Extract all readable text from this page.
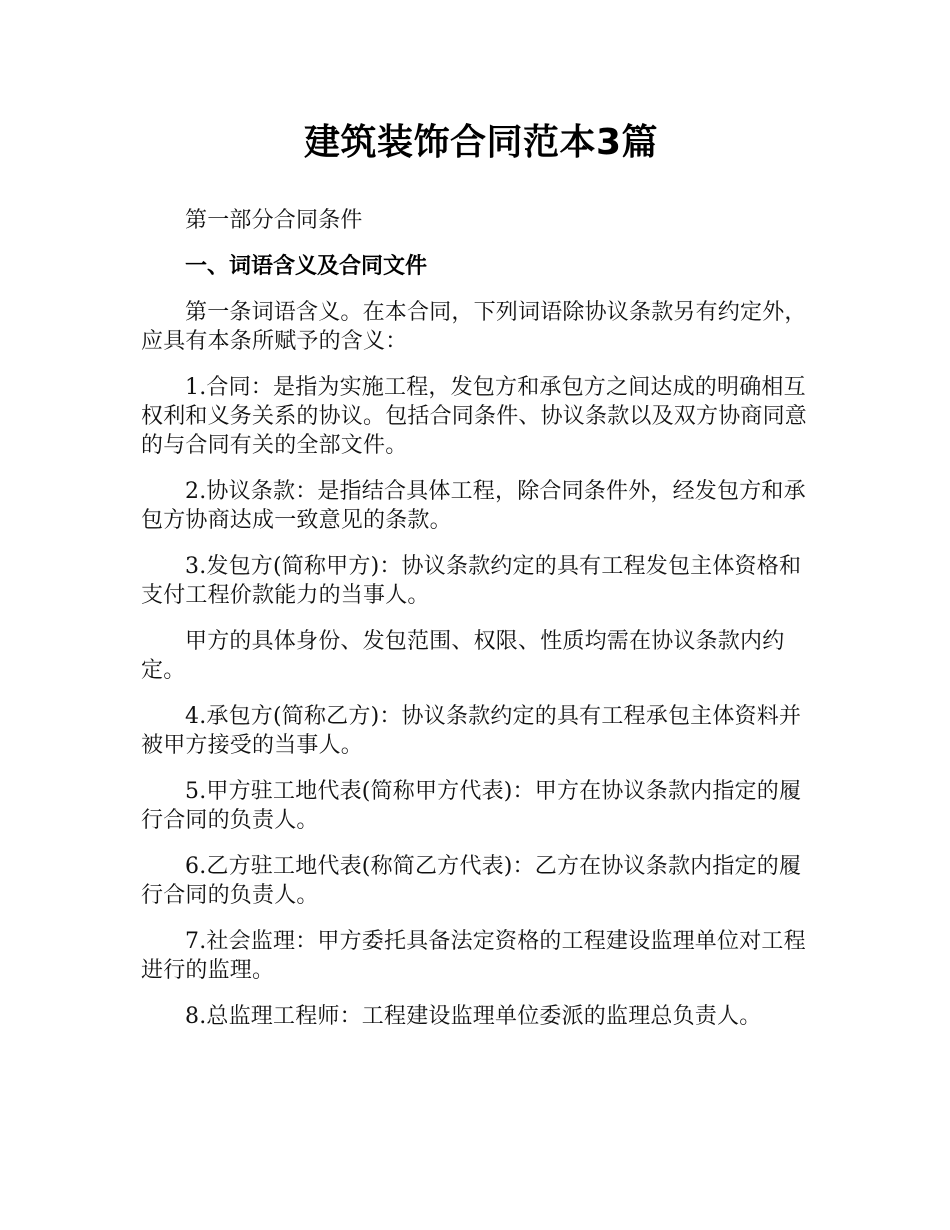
建筑装饰合同范本3篇

第一部分合同条件

一、词语含义及合同文件

第一条词语含义。在本合同，下列词语除协议条款另有约定外，应具有本条所赋予的含义：

1.合同：是指为实施工程，发包方和承包方之间达成的明确相互权利和义务关系的协议。包括合同条件、协议条款以及双方协商同意的与合同有关的全部文件。

2.协议条款：是指结合具体工程，除合同条件外，经发包方和承包方协商达成一致意见的条款。

3.发包方(简称甲方)：协议条款约定的具有工程发包主体资格和支付工程价款能力的当事人。

甲方的具体身份、发包范围、权限、性质均需在协议条款内约定。

4.承包方(简称乙方)：协议条款约定的具有工程承包主体资料并被甲方接受的当事人。

5.甲方驻工地代表(简称甲方代表)：甲方在协议条款内指定的履行合同的负责人。

6.乙方驻工地代表(称简乙方代表)：乙方在协议条款内指定的履行合同的负责人。

7.社会监理：甲方委托具备法定资格的工程建设监理单位对工程进行的监理。

8.总监理工程师：工程建设监理单位委派的监理总负责人。
